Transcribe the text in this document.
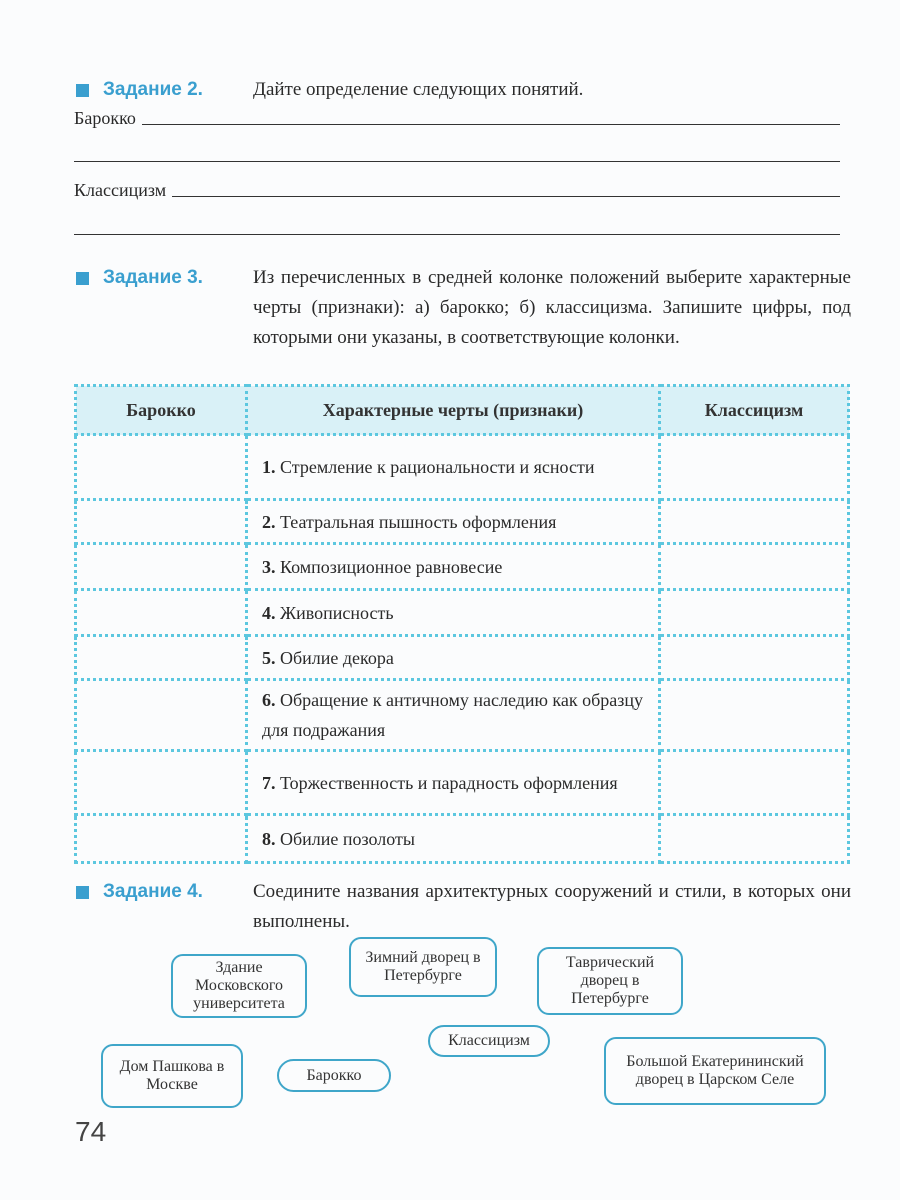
Задание 2.	Дайте определение следующих понятий.
Барокко
Классицизм
Задание 3.	Из перечисленных в средней колонке положений выберите характерные черты (признаки): а) барокко; б) классицизма. Запишите цифры, под которыми они указаны, в соответствующие колонки.
Барокко	Характерные черты (признаки)	Классицизм
	1. Стремление к рациональности и ясности	
	2. Театральная пышность оформления	
	3. Композиционное равновесие	
	4. Живописность	
	5. Обилие декора	
	6. Обращение к античному наследию как образцу для подражания	
	7. Торжественность и парадность оформления	
	8. Обилие позолоты	
Задание 4.	Соедините названия архитектурных сооружений и стили, в которых они выполнены.
Здание Московского университета
Зимний дворец в Петербурге
Таврический дворец в Петербурге
Классицизм
Дом Пашкова в Москве
Барокко
Большой Екатерининский дворец в Царском Селе
74
